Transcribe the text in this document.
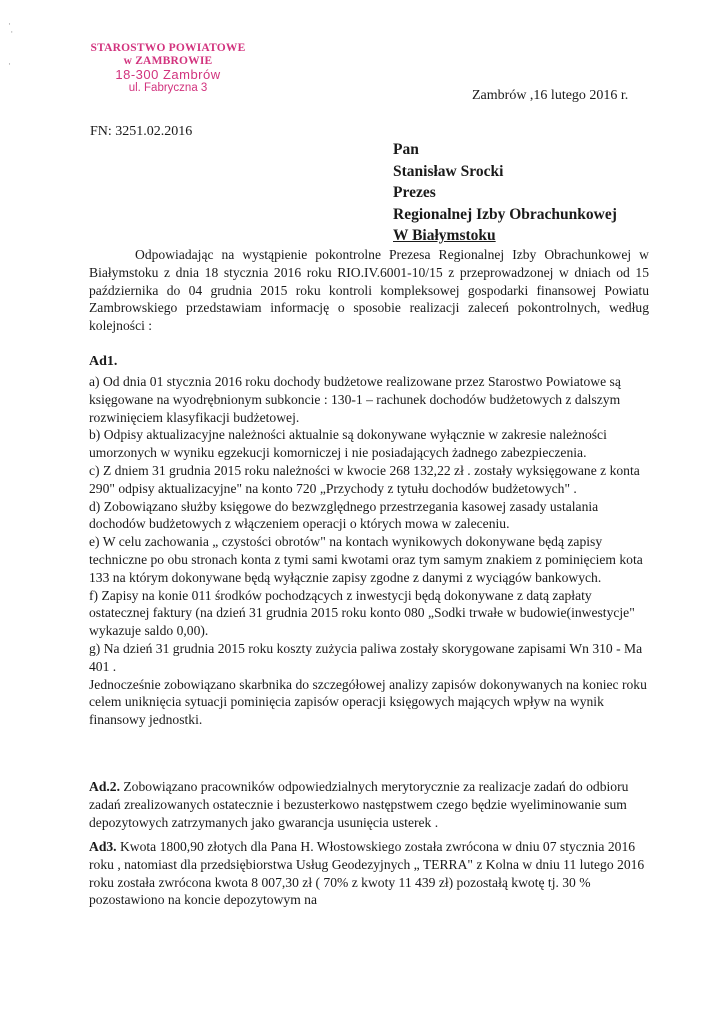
·
·

·
STAROSTWO POWIATOWE
w ZAMBROWIE
18-300 Zambrów
ul. Fabryczna 3	Zambrów ,16 lutego 2016 r.
FN: 3251.02.2016
Pan
Stanisław Srocki
Prezes
Regionalnej Izby Obrachunkowej
W Białymstoku
Odpowiadając na wystąpienie pokontrolne Prezesa Regionalnej Izby Obrachunkowej w Białymstoku z dnia 18 stycznia 2016 roku RIO.IV.6001-10/15 z przeprowadzonej w dniach od 15 października do 04 grudnia 2015 roku kontroli kompleksowej gospodarki finansowej Powiatu Zambrowskiego przedstawiam informację o sposobie realizacji zaleceń pokontrolnych, według kolejności :
Ad1.

a) Od dnia 01 stycznia 2016 roku dochody budżetowe realizowane przez Starostwo Powiatowe są księgowane na wyodrębnionym subkoncie : 130-1 – rachunek dochodów budżetowych z dalszym rozwinięciem klasyfikacji budżetowej.

b) Odpisy aktualizacyjne należności aktualnie są dokonywane wyłącznie w zakresie należności umorzonych w wyniku egzekucji komorniczej i nie posiadających żadnego zabezpieczenia.

c) Z dniem 31 grudnia 2015 roku należności w kwocie 268 132,22 zł . zostały wyksięgowane z konta 290" odpisy aktualizacyjne" na konto 720 „Przychody z tytułu dochodów budżetowych" .

d) Zobowiązano służby księgowe do bezwzględnego przestrzegania kasowej zasady ustalania dochodów budżetowych z włączeniem operacji o których mowa w zaleceniu.

e) W celu zachowania „ czystości obrotów" na kontach wynikowych dokonywane będą zapisy techniczne po obu stronach konta z tymi sami kwotami oraz tym samym znakiem z pominięciem kota 133 na którym dokonywane będą wyłącznie zapisy zgodne z danymi z wyciągów bankowych.

f) Zapisy na konie 011 środków pochodzących z inwestycji będą dokonywane z datą zapłaty ostatecznej faktury (na dzień 31 grudnia 2015 roku konto 080 „Sodki trwałe w budowie(inwestycje" wykazuje saldo 0,00).

g) Na dzień 31 grudnia 2015 roku koszty zużycia paliwa zostały skorygowane zapisami Wn 310 - Ma 401 .

Jednocześnie zobowiązano skarbnika do szczegółowej analizy zapisów dokonywanych na koniec roku celem uniknięcia sytuacji pominięcia zapisów operacji księgowych mających wpływ na wynik finansowy jednostki.

Ad.2. Zobowiązano pracowników odpowiedzialnych merytorycznie za realizacje zadań do odbioru zadań zrealizowanych ostatecznie i bezusterkowo następstwem czego będzie wyeliminowanie sum depozytowych zatrzymanych jako gwarancja usunięcia usterek .
Ad3. Kwota 1800,90 złotych dla Pana H. Włostowskiego została zwrócona w dniu 07 stycznia 2016 roku , natomiast dla przedsiębiorstwa Usług Geodezyjnych „ TERRA" z Kolna w dniu 11 lutego 2016 roku została zwrócona kwota 8 007,30 zł ( 70% z kwoty 11 439 zł) pozostałą kwotę tj. 30 % pozostawiono na koncie depozytowym na
